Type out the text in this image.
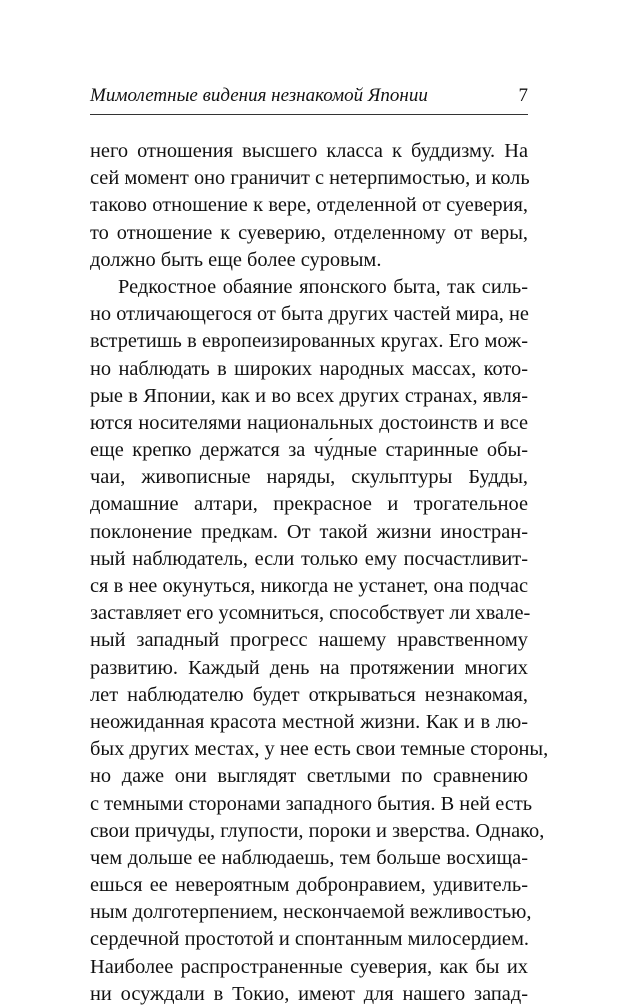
Мимолетные видения незнакомой Японии	7
него отношения высшего класса к буддизму. На
сей момент оно граничит с нетерпимостью, и коль
таково отношение к вере, отделенной от суеверия,
то отношение к суеверию, отделенному от веры,
должно быть еще более суровым.
Редкостное обаяние японского быта, так силь-
но отличающегося от быта других частей мира, не
встретишь в европеизированных кругах. Его мож-
но наблюдать в широких народных массах, кото-
рые в Японии, как и во всех других странах, явля-
ются носителями национальных достоинств и все
еще крепко держатся за чу́дные старинные обы-
чаи, живописные наряды, скульптуры Будды,
домашние алтари, прекрасное и трогательное
поклонение предкам. От такой жизни иностран-
ный наблюдатель, если только ему посчастливит-
ся в нее окунуться, никогда не устанет, она подчас
заставляет его усомниться, способствует ли хвале-
ный западный прогресс нашему нравственному
развитию. Каждый день на протяжении многих
лет наблюдателю будет открываться незнакомая,
неожиданная красота местной жизни. Как и в лю-
бых других местах, у нее есть свои темные стороны,
но даже они выглядят светлыми по сравнению
с темными сторонами западного бытия. В ней есть
свои причуды, глупости, пороки и зверства. Однако,
чем дольше ее наблюдаешь, тем больше восхища-
ешься ее невероятным добронравием, удивитель-
ным долготерпением, нескончаемой вежливостью,
сердечной простотой и спонтанным милосердием.
Наиболее распространенные суеверия, как бы их
ни осуждали в Токио, имеют для нашего запад-
